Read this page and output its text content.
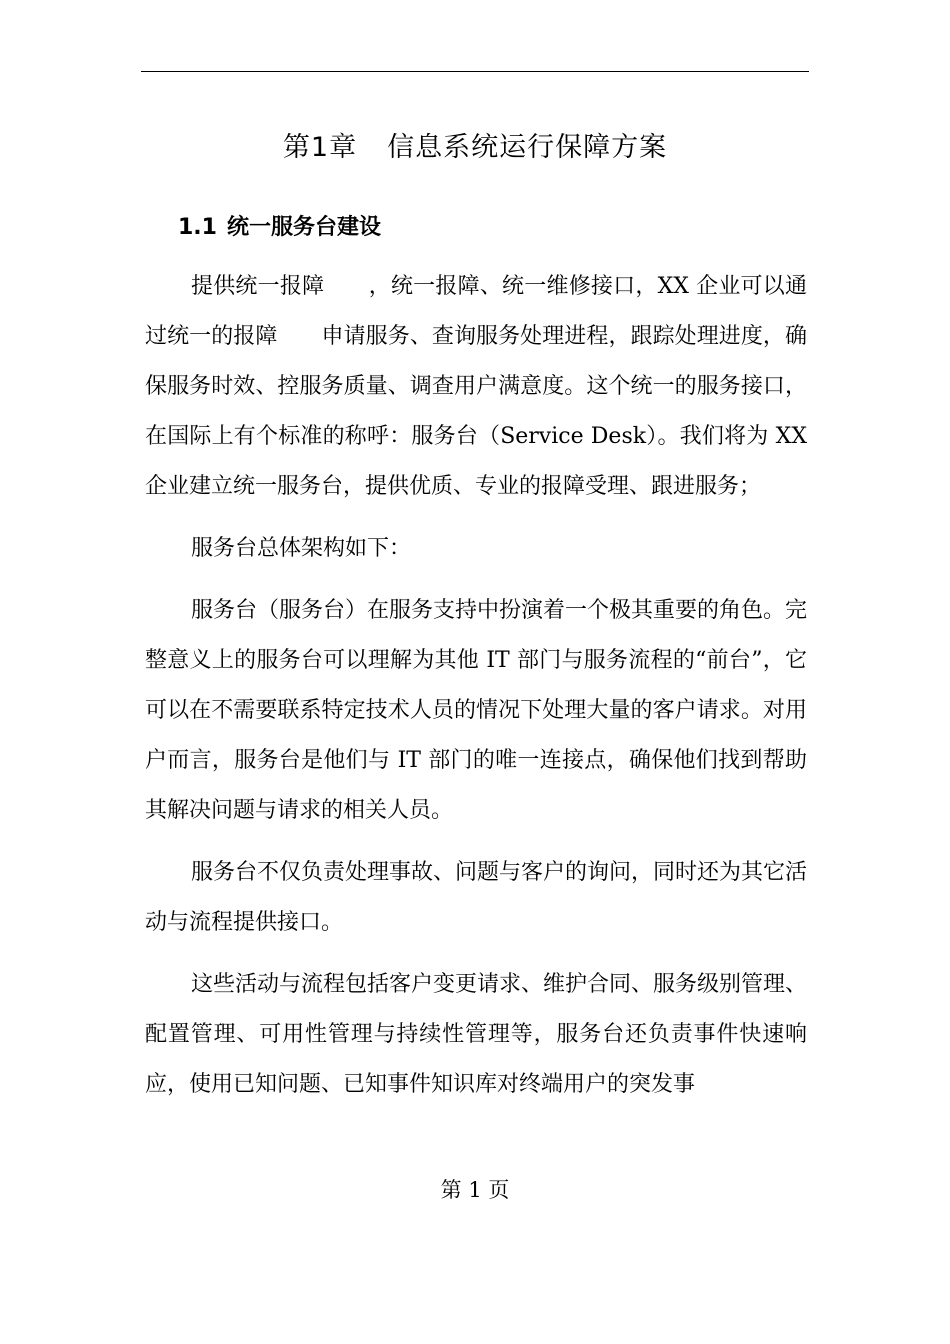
第1章 信息系统运行保障方案
1.1 统一服务台建设

提供统一报障　　，统一报障、统一维修接口，XX 企业可以通过统一的报障　　申请服务、查询服务处理进程，跟踪处理进度，确保服务时效、控服务质量、调查用户满意度。这个统一的服务接口，在国际上有个标准的称呼：服务台（Service Desk）。我们将为 XX 企业建立统一服务台，提供优质、专业的报障受理、跟进服务；

服务台总体架构如下：

服务台（服务台）在服务支持中扮演着一个极其重要的角色。完整意义上的服务台可以理解为其他 IT 部门与服务流程的“前台”，它可以在不需要联系特定技术人员的情况下处理大量的客户请求。对用户而言，服务台是他们与 IT 部门的唯一连接点，确保他们找到帮助其解决问题与请求的相关人员。

服务台不仅负责处理事故、问题与客户的询问，同时还为其它活动与流程提供接口。

这些活动与流程包括客户变更请求、维护合同、服务级别管理、配置管理、可用性管理与持续性管理等，服务台还负责事件快速响应，使用已知问题、已知事件知识库对终端用户的突发事

第 1 页
